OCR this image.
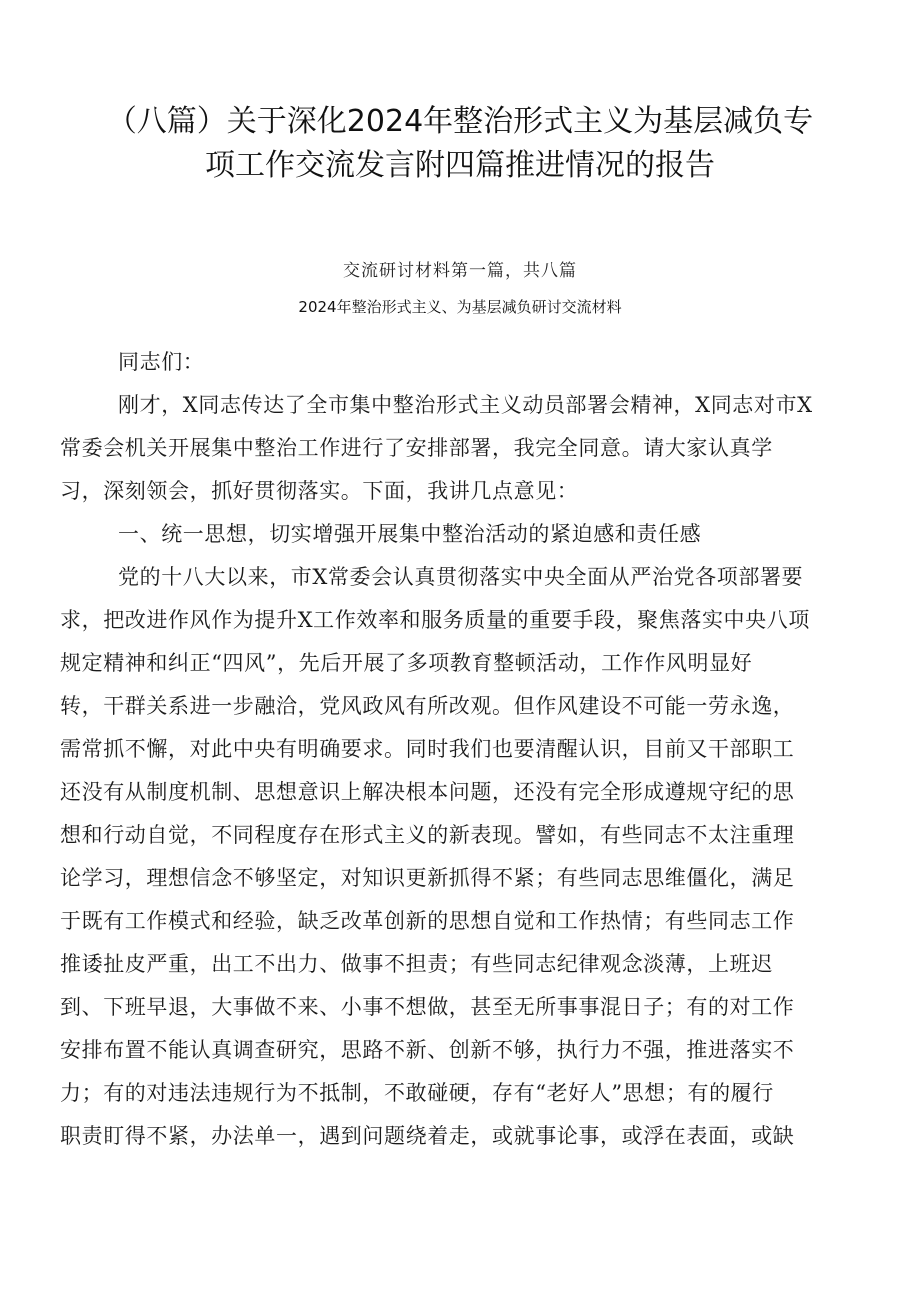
（八篇）关于深化2024年整治形式主义为基层减负专
项工作交流发言附四篇推进情况的报告
交流研讨材料第一篇，共八篇
2024年整治形式主义、为基层减负研讨交流材料
同志们：
刚才，X同志传达了全市集中整治形式主义动员部署会精神，X同志对市X
常委会机关开展集中整治工作进行了安排部署，我完全同意。请大家认真学
习，深刻领会，抓好贯彻落实。下面，我讲几点意见：
一、统一思想，切实增强开展集中整治活动的紧迫感和责任感
党的十八大以来，市X常委会认真贯彻落实中央全面从严治党各项部署要
求，把改进作风作为提升X工作效率和服务质量的重要手段，聚焦落实中央八项
规定精神和纠正“四风”，先后开展了多项教育整顿活动，工作作风明显好
转，干群关系进一步融洽，党风政风有所改观。但作风建设不可能一劳永逸，
需常抓不懈，对此中央有明确要求。同时我们也要清醒认识，目前又干部职工
还没有从制度机制、思想意识上解决根本问题，还没有完全形成遵规守纪的思
想和行动自觉，不同程度存在形式主义的新表现。譬如，有些同志不太注重理
论学习，理想信念不够坚定，对知识更新抓得不紧；有些同志思维僵化，满足
于既有工作模式和经验，缺乏改革创新的思想自觉和工作热情；有些同志工作
推诿扯皮严重，出工不出力、做事不担责；有些同志纪律观念淡薄，上班迟
到、下班早退，大事做不来、小事不想做，甚至无所事事混日子；有的对工作
安排布置不能认真调查研究，思路不新、创新不够，执行力不强，推进落实不
力；有的对违法违规行为不抵制，不敢碰硬，存有“老好人”思想；有的履行
职责盯得不紧，办法单一，遇到问题绕着走，或就事论事，或浮在表面，或缺
